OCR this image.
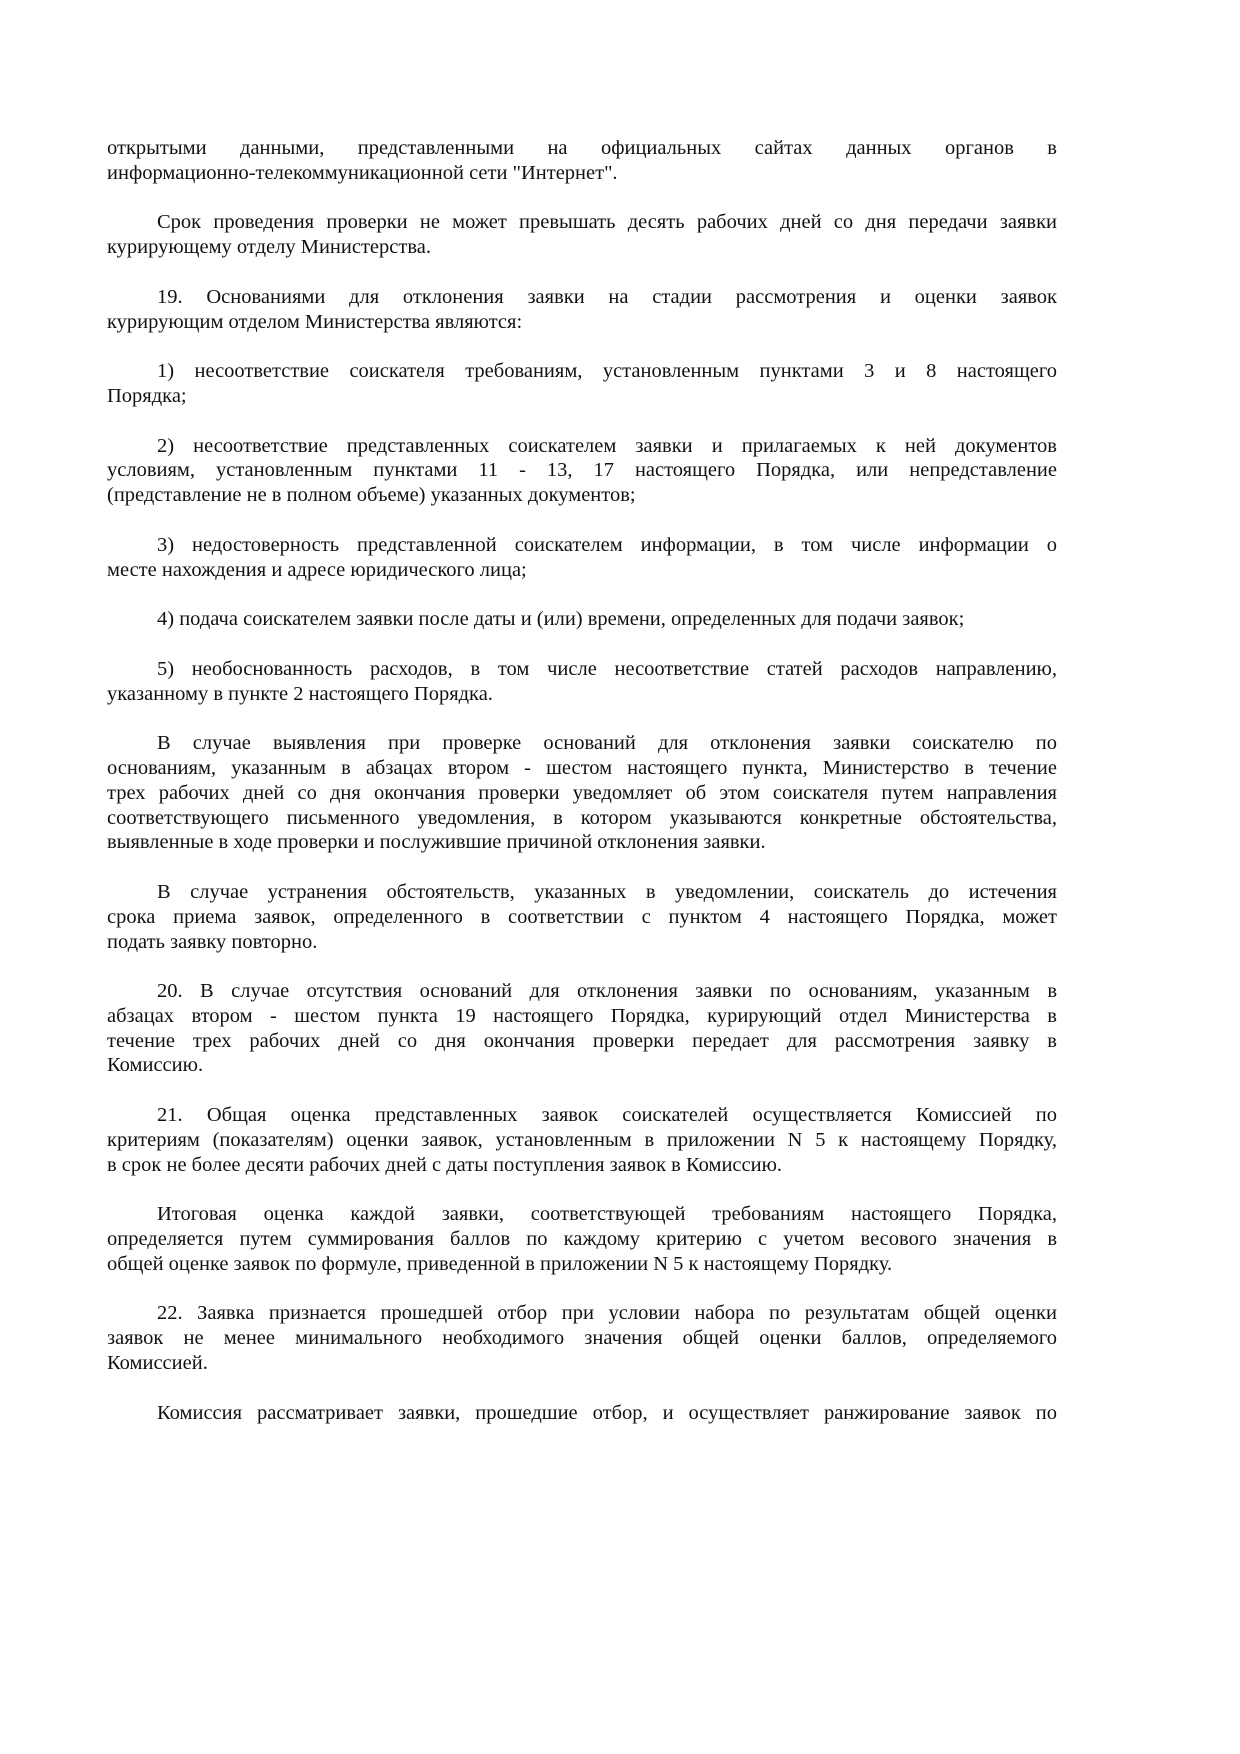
открытыми данными, представленными на официальных сайтах данных органов в
информационно-телекоммуникационной сети "Интернет".
Срок проведения проверки не может превышать десять рабочих дней со дня передачи заявки
курирующему отделу Министерства.
19. Основаниями для отклонения заявки на стадии рассмотрения и оценки заявок
курирующим отделом Министерства являются:
1) несоответствие соискателя требованиям, установленным пунктами 3 и 8 настоящего
Порядка;
2) несоответствие представленных соискателем заявки и прилагаемых к ней документов
условиям, установленным пунктами 11 - 13, 17 настоящего Порядка, или непредставление
(представление не в полном объеме) указанных документов;
3) недостоверность представленной соискателем информации, в том числе информации о
месте нахождения и адресе юридического лица;
4) подача соискателем заявки после даты и (или) времени, определенных для подачи заявок;
5) необоснованность расходов, в том числе несоответствие статей расходов направлению,
указанному в пункте 2 настоящего Порядка.
В случае выявления при проверке оснований для отклонения заявки соискателю по
основаниям, указанным в абзацах втором - шестом настоящего пункта, Министерство в течение
трех рабочих дней со дня окончания проверки уведомляет об этом соискателя путем направления
соответствующего письменного уведомления, в котором указываются конкретные обстоятельства,
выявленные в ходе проверки и послужившие причиной отклонения заявки.
В случае устранения обстоятельств, указанных в уведомлении, соискатель до истечения
срока приема заявок, определенного в соответствии с пунктом 4 настоящего Порядка, может
подать заявку повторно.
20. В случае отсутствия оснований для отклонения заявки по основаниям, указанным в
абзацах втором - шестом пункта 19 настоящего Порядка, курирующий отдел Министерства в
течение трех рабочих дней со дня окончания проверки передает для рассмотрения заявку в
Комиссию.
21. Общая оценка представленных заявок соискателей осуществляется Комиссией по
критериям (показателям) оценки заявок, установленным в приложении N 5 к настоящему Порядку,
в срок не более десяти рабочих дней с даты поступления заявок в Комиссию.
Итоговая оценка каждой заявки, соответствующей требованиям настоящего Порядка,
определяется путем суммирования баллов по каждому критерию с учетом весового значения в
общей оценке заявок по формуле, приведенной в приложении N 5 к настоящему Порядку.
22. Заявка признается прошедшей отбор при условии набора по результатам общей оценки
заявок не менее минимального необходимого значения общей оценки баллов, определяемого
Комиссией.
Комиссия рассматривает заявки, прошедшие отбор, и осуществляет ранжирование заявок по
